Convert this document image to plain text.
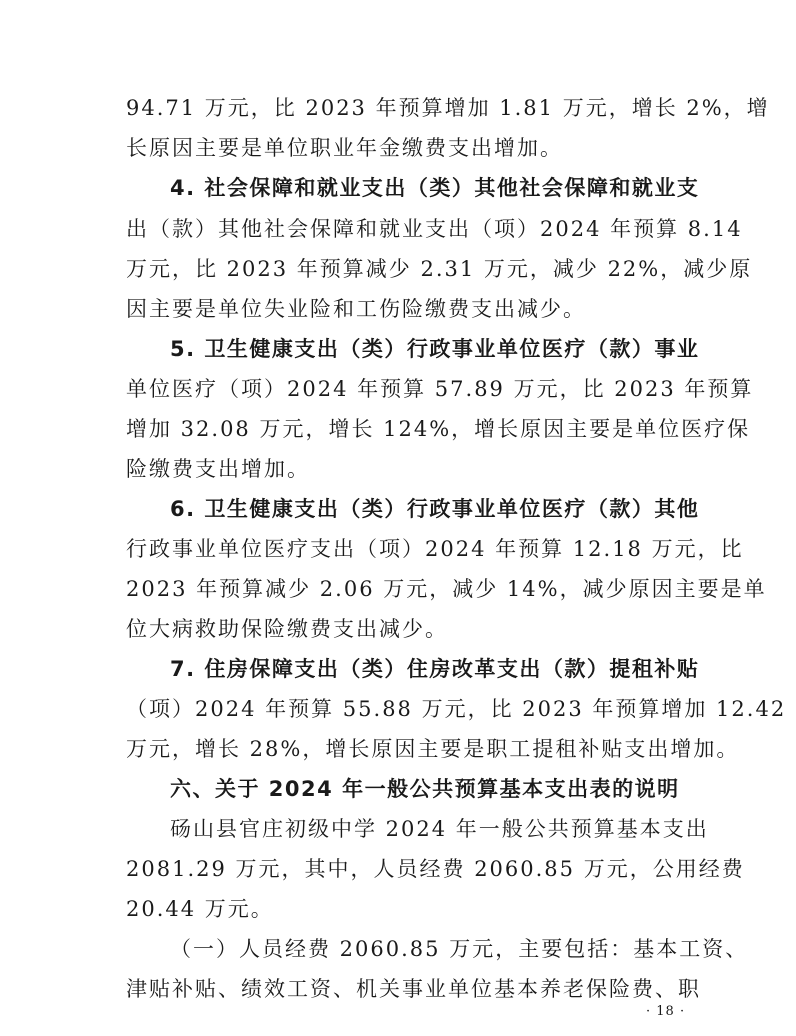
94.71 万元，比 2023 年预算增加 1.81 万元，增长 2%，增
长原因主要是单位职业年金缴费支出增加。
4. 社会保障和就业支出（类）其他社会保障和就业支
出（款）其他社会保障和就业支出（项）2024 年预算 8.14
万元，比 2023 年预算减少 2.31 万元，减少 22%，减少原
因主要是单位失业险和工伤险缴费支出减少。
5. 卫生健康支出（类）行政事业单位医疗（款）事业
单位医疗（项）2024 年预算 57.89 万元，比 2023 年预算
增加 32.08 万元，增长 124%，增长原因主要是单位医疗保
险缴费支出增加。
6. 卫生健康支出（类）行政事业单位医疗（款）其他
行政事业单位医疗支出（项）2024 年预算 12.18 万元，比
2023 年预算减少 2.06 万元，减少 14%，减少原因主要是单
位大病救助保险缴费支出减少。
7. 住房保障支出（类）住房改革支出（款）提租补贴
（项）2024 年预算 55.88 万元，比 2023 年预算增加 12.42
万元，增长 28%，增长原因主要是职工提租补贴支出增加。
六、关于 2024 年一般公共预算基本支出表的说明
砀山县官庄初级中学 2024 年一般公共预算基本支出
2081.29 万元，其中，人员经费 2060.85 万元，公用经费
20.44 万元。
（一）人员经费 2060.85 万元，主要包括：基本工资、
津贴补贴、绩效工资、机关事业单位基本养老保险费、职
· 18 ·
